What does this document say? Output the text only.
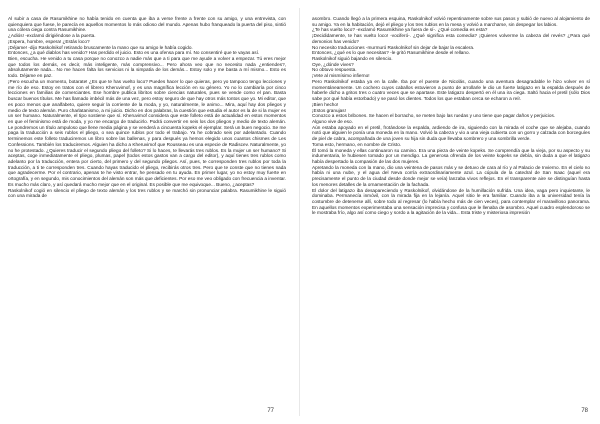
Al subir a casa de Rasumikhine no había tenido en cuenta que iba a verse frente a frente con su amigo, y una entrevista, con quienquiera que fuese, le parecía en aquellos momentos lo más odioso del mundo. Apenas hubo franqueado la puerta del piso, sintió una cólera ciega contra Rasumikhine.

¿Adiós! -exclamó dirigiéndose a la puerta.

¡Espera, hombre, espera! ¿Estás loco?

¡Déjame! -dijo Raskolnikof retirando bruscamente la mano que su amigo le había cogido.

Entonces, ¿a qué diablos has venido? Has perdido el juicio. Esto es una ofensa para mí. No consentiré que te vayas así.

Bien, escucha. He venido a tu casa porque no conozco a nadie más que a ti para que me ayude a volver a empezar. Tú eres mejor que todos los demás, es decir, más inteligente, más comprensivo... Pero ahora veo que no necesito nada ¿entiendes?, absolutamente nada... No me hacen falta los servicios ni la simpatía de los demás... Estoy solo y me basta a mí mismo... Esto es todo. Déjame en paz.

¡Pero escucha un momento, botarate! ¿Es que te has vuelto loco? Puedes hacer lo que quieras, pero yo tampoco tengo lecciones y me río de eso. Estoy en tratos con el librero Kheruvimof, y es una magnífica lección en su género. Yo no lo cambiaría por cinco lecciones en familias de comerciantes. Ese hombre publica libritos sobre ciencias naturales, pues se vende como el pan. Basta buscar buenos títulos. Me has llamado imbécil más de una vez, pero estoy seguro de que hay otros más tontos que yo. Mi editor, que es poco menos que analfabeto, quiere seguir la corriente de la moda, y yo, naturalmente, le animo... Mira, aquí hay dos pliegos y medio de texto alemán. Puro charlatanismo, a mi juicio. Dicho en dos palabras, la cuestión que estudia el autor es la de si la mujer es un ser humano. Naturalmente, el tipo sostiene que sí. Kheruvimof considera que este folleto está de actualidad en estos momentos en que el feminismo está de moda, y yo me encargo de traducirlo. Podrá convertir en seis los dos pliegos y medio de texto alemán. Le pondremos un título ampuloso que llene media página y se venderá a cincuenta kopeks el ejemplar. Será un buen negocio. Se me paga la traducción a seis rublos el pliego, o sea quince rublos por todo el trabajo. Ya he cobrado seis por adelantado. Cuando terminemos este folleto traduciremos un libro sobre las ballenas, y para después ya hemos elegido unos cuantos chismes de Les Confessions. También los traduciremos. Alguien ha dicho a Kheruvimof que Rousseau es una especie de Radiscev. Naturalmente, yo no he protestado. ¿Quieres traducir el segundo pliego del folleto? Si lo haces, te llevarás tres rublos. Es la mujer un ser humano? Si aceptas, coge inmediatamente el pliego, plumas, papel (todos estos gastos van a cargo del editor), y aquí tienes tres rublos como adelanto por la traducción, entera por cierto, del primero y del segundo pliegos. Así, pues, te corresponden tres rublos por toda la traducción, a ti te corresponden tres. Cuando hayas traducido el pliego, recibirás otros tres. Pero que te conste que no tienes nada que agradecerme. Por el contrario, apenas te he visto entrar, he pensado en tu ayuda. En primer lugar, yo no estoy muy fuerte en ortografía, y en segundo, mis conocimientos del alemán son más que deficientes. Por eso me veo obligado con frecuencia a inventar. Es mucho más claro, y así quedará mucho mejor que en el original. Es posible que me equivoque... Bueno, ¿aceptas?

Raskolnikof cogió en silencio el pliego de texto alemán y los tres rublos y se marchó sin pronunciar palabra. Rasumikhine le siguió con una mirada de

77

asombro. Cuando llegó a la primera esquina, Raskolnikof volvió repentinamente sobre sus pasos y subió de nuevo al alojamiento de su amigo. Ya en la habitación, dejó el pliego y los tres rublos en la mesa y volvió a marcharse, sin despegar los labios.

¿Te has vuelto loco? -exclamó Rasumikhine ya fuera de sí-. ¿Qué comedia es esta?

¡Decididamente, te has vuelto loco! -vociferó-. ¿Qué significa esta comedia? ¡Quieres volverme la cabeza del revés? ¿Para qué demonios has venido?

No necesito traducciones -murmuró Raskolnikof sin dejar de bajar la escalera.

Entonces, ¿qué es lo que necesitas? -le gritó Rasumikhine desde el rellano.

Raskolnikof siguió bajando en silencio.

Oye, ¿dónde vives?

No obtuvo respuesta.

¡Vete al mismísimo infierno!

Pero Raskolnikof estaba ya en la calle. Iba por el puente de Nicolás, cuando una aventura desagradable le hizo volver en sí momentáneamente. Un cochero cuyos caballos estuvieron a punto de arrollarle le dio un fuerte latigazo en la espalda después de haberle dicho a gritos tres o cuatro veces que se apartase. Este latigazo despertó en él una ira ciega. Saltó hacia el pretil (sólo Dios sabe por qué había estorbado) y se pasó los dientes. Todos los que estaban cerca se echaron a reír.

¡Bien hecho!

¡Estos granujas!

Conozco a estos bribones. Se hacen el borracho, se meten bajo las ruedas y uno tiene que pagar daños y perjuicios.

Alguno vive de eso.

Aún estaba apoyado en el pretil, frotándose la espalda, ardiendo de ira, siguiendo con la mirada el coche que se alejaba, cuando notó que alguien le ponía una moneda en la mano. Volvió la cabeza y vio a una vieja cubierta con un gorro y calzada con borceguíes de piel de cabra, acompañada de una joven su hija sin duda que llevaba sombrero y una sombrilla verde.

Toma esto, hermano, en nombre de Cristo.

Él tomó la moneda y ellas continuaron su camino. Era una pieza de veinte kopeks. Se comprendía que la vieja, por su aspecto y su indumentaria, le hubiesen tomado por un mendigo. La generosa ofrenda de los veinte kopeks se debía, sin duda a que el latigazo había despertado la compasión de las dos mujeres.

Apretando la moneda con la mano, dio una veintena de pasos más y se detuvo de cara al río y al Palacio de Invierno. En el cielo no había ni una nube, y el agua del Neva corría extraordinariamente azul. La cúpula de la catedral de San Isaac (aquel era precisamente el punto de la ciudad desde donde mejor se veía) lanzaba vivos reflejos. En el transparente aire se distinguían hasta los menores detalles de la ornamentación de la fachada.

El dolor del latigazo iba desapareciendo y Raskolnikof, olvidándose de la humillación sufrida. Una idea, vaga pero inquietante, le dominaba. Permanecía inmóvil, con la mirada fija en la lejanía. Aquel sitio le era familiar. Cuando iba a la universidad tenía la costumbre de detenerse allí, sobre todo al regresar (lo había hecho más de cien veces), para contemplar el maravilloso panorama. En aquellos momentos experimentaba una sensación imprecisa y confusa que le llenaba de asombro. Aquel cuadro esplendoroso se le mostraba frío, algo así como ciego y sordo a la agitación de la vida... Esta triste y misteriosa impresión

78
